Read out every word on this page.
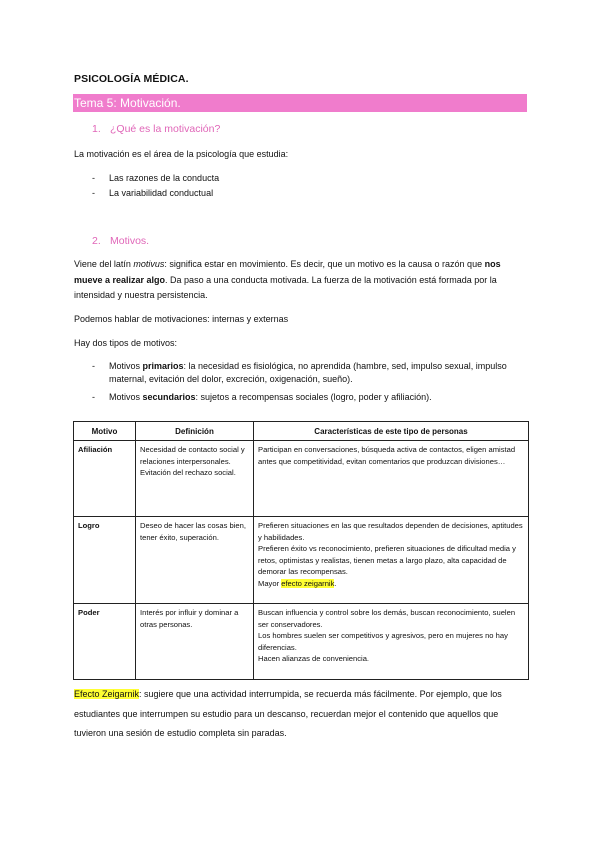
PSICOLOGÍA MÉDICA.
Tema 5: Motivación.
1. ¿Qué es la motivación?
La motivación es el área de la psicología que estudia:
- Las razones de la conducta
- La variabilidad conductual
2. Motivos.
Viene del latín motivus: significa estar en movimiento. Es decir, que un motivo es la causa o razón que nos mueve a realizar algo. Da paso a una conducta motivada. La fuerza de la motivación está formada por la intensidad y nuestra persistencia.
Podemos hablar de motivaciones: internas y externas
Hay dos tipos de motivos:
- Motivos primarios: la necesidad es fisiológica, no aprendida (hambre, sed, impulso sexual, impulso maternal, evitación del dolor, excreción, oxigenación, sueño).
- Motivos secundarios: sujetos a recompensas sociales (logro, poder y afiliación).
Motivo	Definición	Características de este tipo de personas
Afiliación	Necesidad de contacto social y relaciones interpersonales.
Evitación del rechazo social.	Participan en conversaciones, búsqueda activa de contactos, eligen amistad antes que competitividad, evitan comentarios que produzcan divisiones…

Logro	Deseo de hacer las cosas bien, tener éxito, superación.	Prefieren situaciones en las que resultados dependen de decisiones, aptitudes y habilidades.
Prefieren éxito vs reconocimiento, prefieren situaciones de dificultad media y retos, optimistas y realistas, tienen metas a largo plazo, alta capacidad de demorar las recompensas.
Mayor efecto zeigarnik.

Poder	Interés por influir y dominar a otras personas.	Buscan influencia y control sobre los demás, buscan reconocimiento, suelen ser conservadores.
Los hombres suelen ser competitivos y agresivos, pero en mujeres no hay diferencias.
Hacen alianzas de conveniencia.
Efecto Zeigarnik: sugiere que una actividad interrumpida, se recuerda más fácilmente. Por ejemplo, que los estudiantes que interrumpen su estudio para un descanso, recuerdan mejor el contenido que aquellos que tuvieron una sesión de estudio completa sin paradas.
